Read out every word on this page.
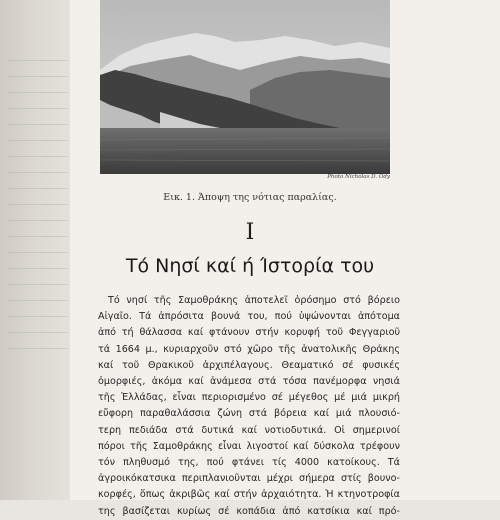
Photo Nicholas D. Ody
Εικ. 1. Άποψη της νότιας παραλίας.
I
Τό Νησί καί ή Ίστορία του
Τό νησί τῆς Σαμοθράκης ἀποτελεῖ ὁρόσημο στό βόρειο
Αἰγαῖο. Τά ἀπρόσιτα βουνά του, πού ὑψώνονται ἀπότομα
ἀπό τή θάλασσα καί φτάνουν στήν κορυφή τοῦ Φεγγαριοῦ
τά 1664 μ., κυριαρχοῦν στό χῶρο τῆς ἀνατολικῆς Θράκης
καί τοῦ Θρακικοῦ ἀρχιπέλαγους. Θεαματικό σέ φυσικές
ὀμορφιές, ἀκόμα καί ἀνάμεσα στά τόσα πανέμορφα νησιά
τῆς Ἑλλάδας, εἶναι περιορισμένο σέ μέγεθος μέ μιά μικρή
εὔφορη παραθαλάσσια ζώνη στά βόρεια καί μιά πλουσιό-
τερη πεδιάδα στά δυτικά καί νοτιοδυτικά. Οἱ σημερινοί
πόροι τῆς Σαμοθράκης εἶναι λιγοστοί καί δύσκολα τρέφουν
τόν πληθυσμό της, πού φτάνει τίς 4000 κατοίκους. Τά
ἀγροικόκατσικα περιπλανιοῦνται μέχρι σήμερα στίς βουνο-
κορφές, ὅπως ἀκριβῶς καί στήν ἀρχαιότητα. Ἡ κτηνοτροφία
της βασίζεται κυρίως σέ κοπάδια ἀπό κατσίκια καί πρό-
